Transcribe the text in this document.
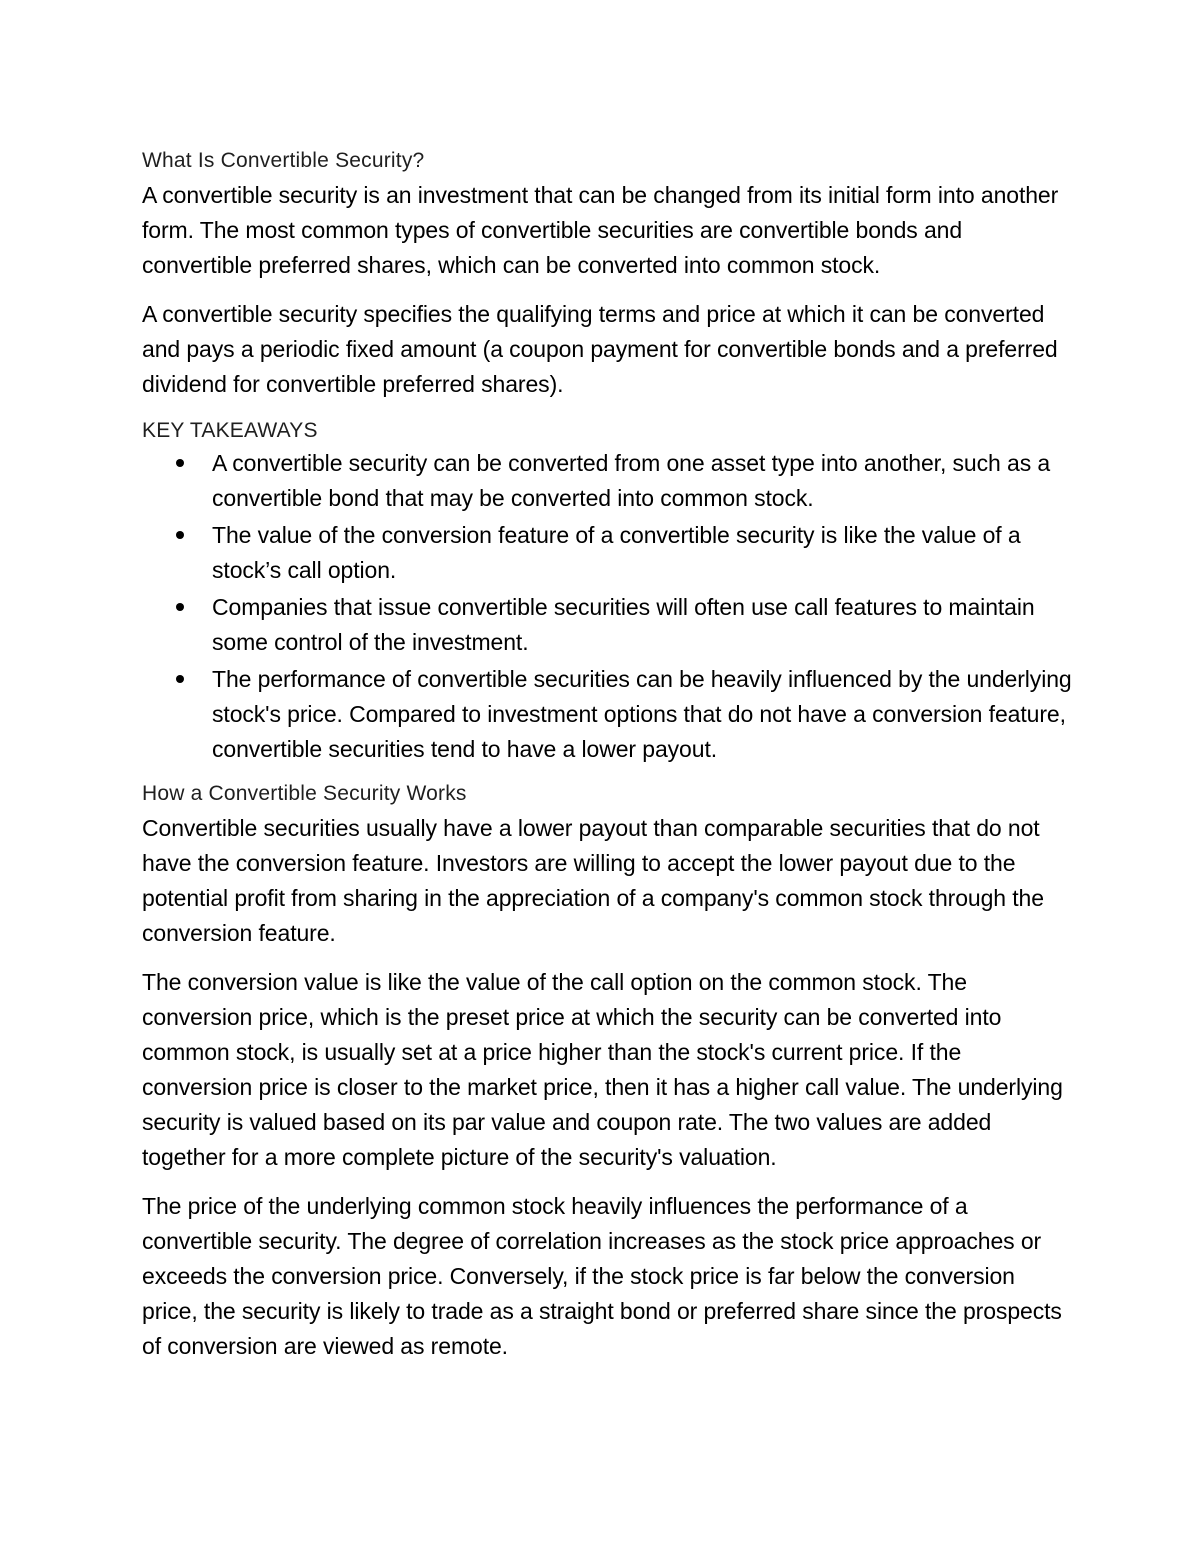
What Is Convertible Security?

A convertible security is an investment that can be changed from its initial form into another form. The most common types of convertible securities are convertible bonds and convertible preferred shares, which can be converted into common stock.

A convertible security specifies the qualifying terms and price at which it can be converted and pays a periodic fixed amount (a coupon payment for convertible bonds and a preferred dividend for convertible preferred shares).

KEY TAKEAWAYS
A convertible security can be converted from one asset type into another, such as a convertible bond that may be converted into common stock.
The value of the conversion feature of a convertible security is like the value of a stock’s call option.
Companies that issue convertible securities will often use call features to maintain some control of the investment.
The performance of convertible securities can be heavily influenced by the underlying stock's price. Compared to investment options that do not have a conversion feature, convertible securities tend to have a lower payout.
How a Convertible Security Works

Convertible securities usually have a lower payout than comparable securities that do not have the conversion feature. Investors are willing to accept the lower payout due to the potential profit from sharing in the appreciation of a company's common stock through the conversion feature.

The conversion value is like the value of the call option on the common stock. The conversion price, which is the preset price at which the security can be converted into common stock, is usually set at a price higher than the stock's current price. If the conversion price is closer to the market price, then it has a higher call value. The underlying security is valued based on its par value and coupon rate. The two values are added together for a more complete picture of the security's valuation.

The price of the underlying common stock heavily influences the performance of a convertible security. The degree of correlation increases as the stock price approaches or exceeds the conversion price. Conversely, if the stock price is far below the conversion price, the security is likely to trade as a straight bond or preferred share since the prospects of conversion are viewed as remote.
